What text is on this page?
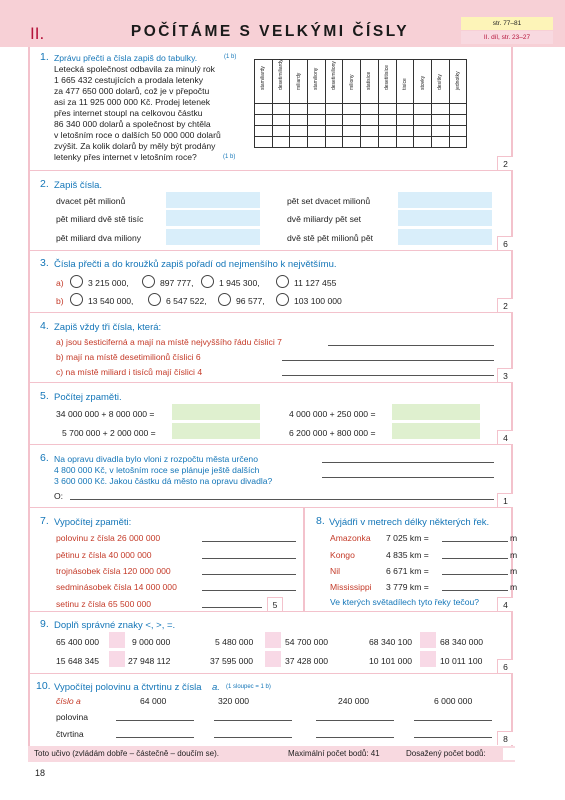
II.	POČÍTÁME S VELKÝMI ČÍSLY	str. 77–81
II. díl, str. 23–27
2
1. Zprávu přečti a čísla zapiš do tabulky.	(1 b)
Letecká společnost odbavila za minulý rok
1 665 432 cestujících a prodala letenky
za 477 650 000 dolarů, což je v přepočtu
asi za 11 925 000 000 Kč. Prodej letenek
přes internet stoupl na celkovou částku
86 340 000 dolarů a společnost by chtěla
v letošním roce o dalších 50 000 000 dolarů
zvýšit. Za kolik dolarů by měly být prodány
letenky přes internet v letošním roce?	(1 b)
stamiliardy	desetimiliardy	miliardy	stamiliony	desetimiliony	miliony	statisíce	desetitisíce	tisíce	stovky	desítky	jednotky

6
2. Zapiš čísla.
dvacet pět milionů	pět set dvacet milionů
pět miliard dvě stě tisíc	dvě miliardy pět set
pět miliard dva miliony	dvě stě pět milionů pět
2
3. Čísla přečti a do kroužků zapiš pořadí od nejmenšího k největšímu.
a)	3 215 000,	897 777,	1 945 300,	11 127 455
b)	13 540 000,	6 547 522,	96 577,	103 100 000
3
4. Zapiš vždy tři čísla, která:
a) jsou šesticiferná a mají na místě nejvyššího řádu číslici 7
b) mají na místě desetimilionů číslici 6
c) na místě miliard i tisíců mají číslici 4
4
5. Počítej zpaměti.
34 000 000 + 8 000 000 =	4 000 000 + 250 000 =
5 700 000 + 2 000 000 =	6 200 000 + 800 000 =
1
6. Na opravu divadla bylo vloni z rozpočtu města určeno
4 800 000 Kč, v letošním roce se plánuje ještě dalších
3 600 000 Kč. Jakou částku dá město na opravu divadla?
O:
5	4
7. Vypočítej zpaměti:
polovinu z čísla 26 000 000
pětinu z čísla 40 000 000
trojnásobek čísla 120 000 000
sedminásobek čísla 14 000 000
setinu z čísla 65 500 000
8. Vyjádři v metrech délky některých řek.
Amazonka 7 025 km =	m
Kongo	4 835 km =	m
Nil	6 671 km =	m
Mississippi 3 779 km =	m
Ve kterých světadílech tyto řeky tečou?
6
9. Doplň správné znaky <, >, =.
65 400 000	9 000 000	5 480 000	54 700 000	68 340 100	68 340 000
15 648 345	27 948 112	37 595 000	37 428 000	10 101 000	10 011 100
8
10. Vypočítej polovinu a čtvrtinu z čísla a. (1 sloupec = 1 b)
číslo a	64 000	320 000	240 000	6 000 000
polovina
čtvrtina
Toto učivo (zvládám dobře – částečně – doučím se).	Maximální počet bodů: 41	Dosažený počet bodů:
18
